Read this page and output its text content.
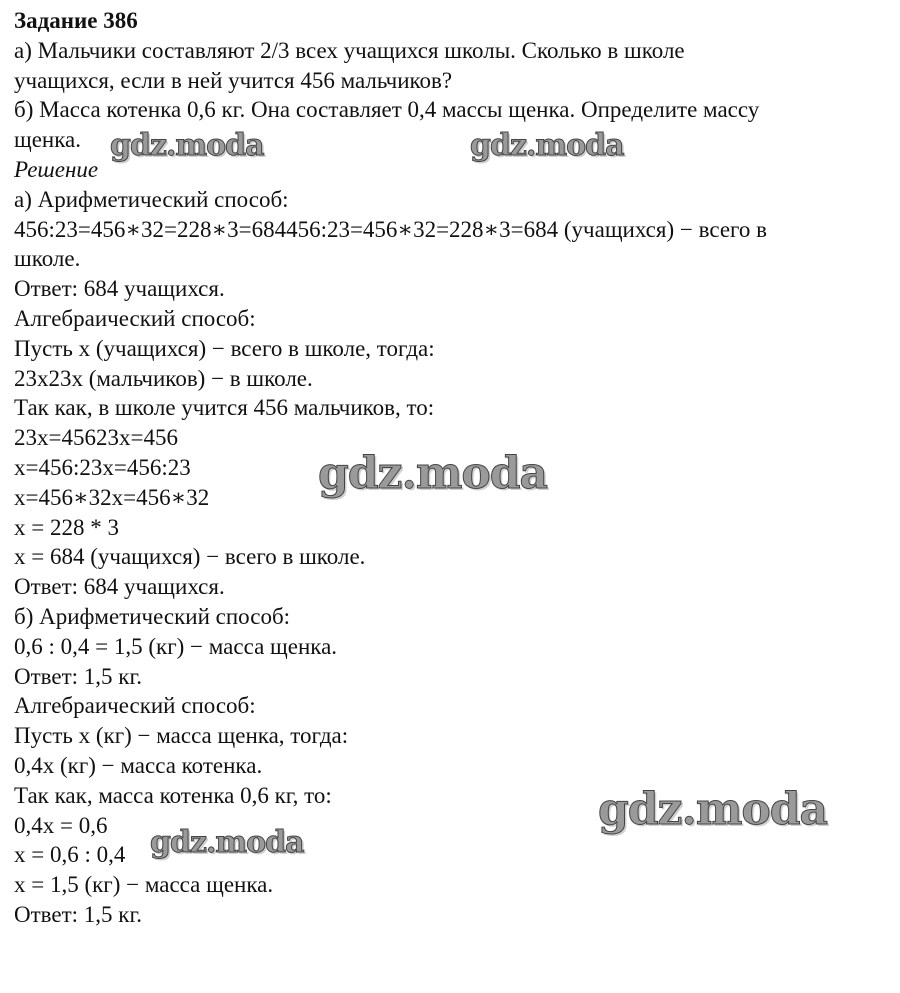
Задание 386

а) Мальчики составляют 2/3 всех учащихся школы. Сколько в школе

учащихся, если в ней учится 456 мальчиков?

б) Масса котенка 0,6 кг. Она составляет 0,4 массы щенка. Определите массу

щенка.

Решение

а) Арифметический способ:

456:23=456∗32=228∗3=684456:23=456∗32=228∗3=684 (учащихся) − всего в

школе.

Ответ: 684 учащихся.

Алгебраический способ:

Пусть х (учащихся) − всего в школе, тогда:

23х23х (мальчиков) − в школе.

Так как, в школе учится 456 мальчиков, то:

23х=45623х=456

х=456:23х=456:23

х=456∗32х=456∗32

х = 228 * 3

х = 684 (учащихся) − всего в школе.

Ответ: 684 учащихся.

б) Арифметический способ:

0,6 : 0,4 = 1,5 (кг) − масса щенка.

Ответ: 1,5 кг.

Алгебраический способ:

Пусть х (кг) − масса щенка, тогда:

0,4х (кг) − масса котенка.

Так как, масса котенка 0,6 кг, то:

0,4х = 0,6

х = 0,6 : 0,4

х = 1,5 (кг) − масса щенка.

Ответ: 1,5 кг.

gdz.moda	gdz.moda
gdz.moda
gdz.moda
gdz.moda
